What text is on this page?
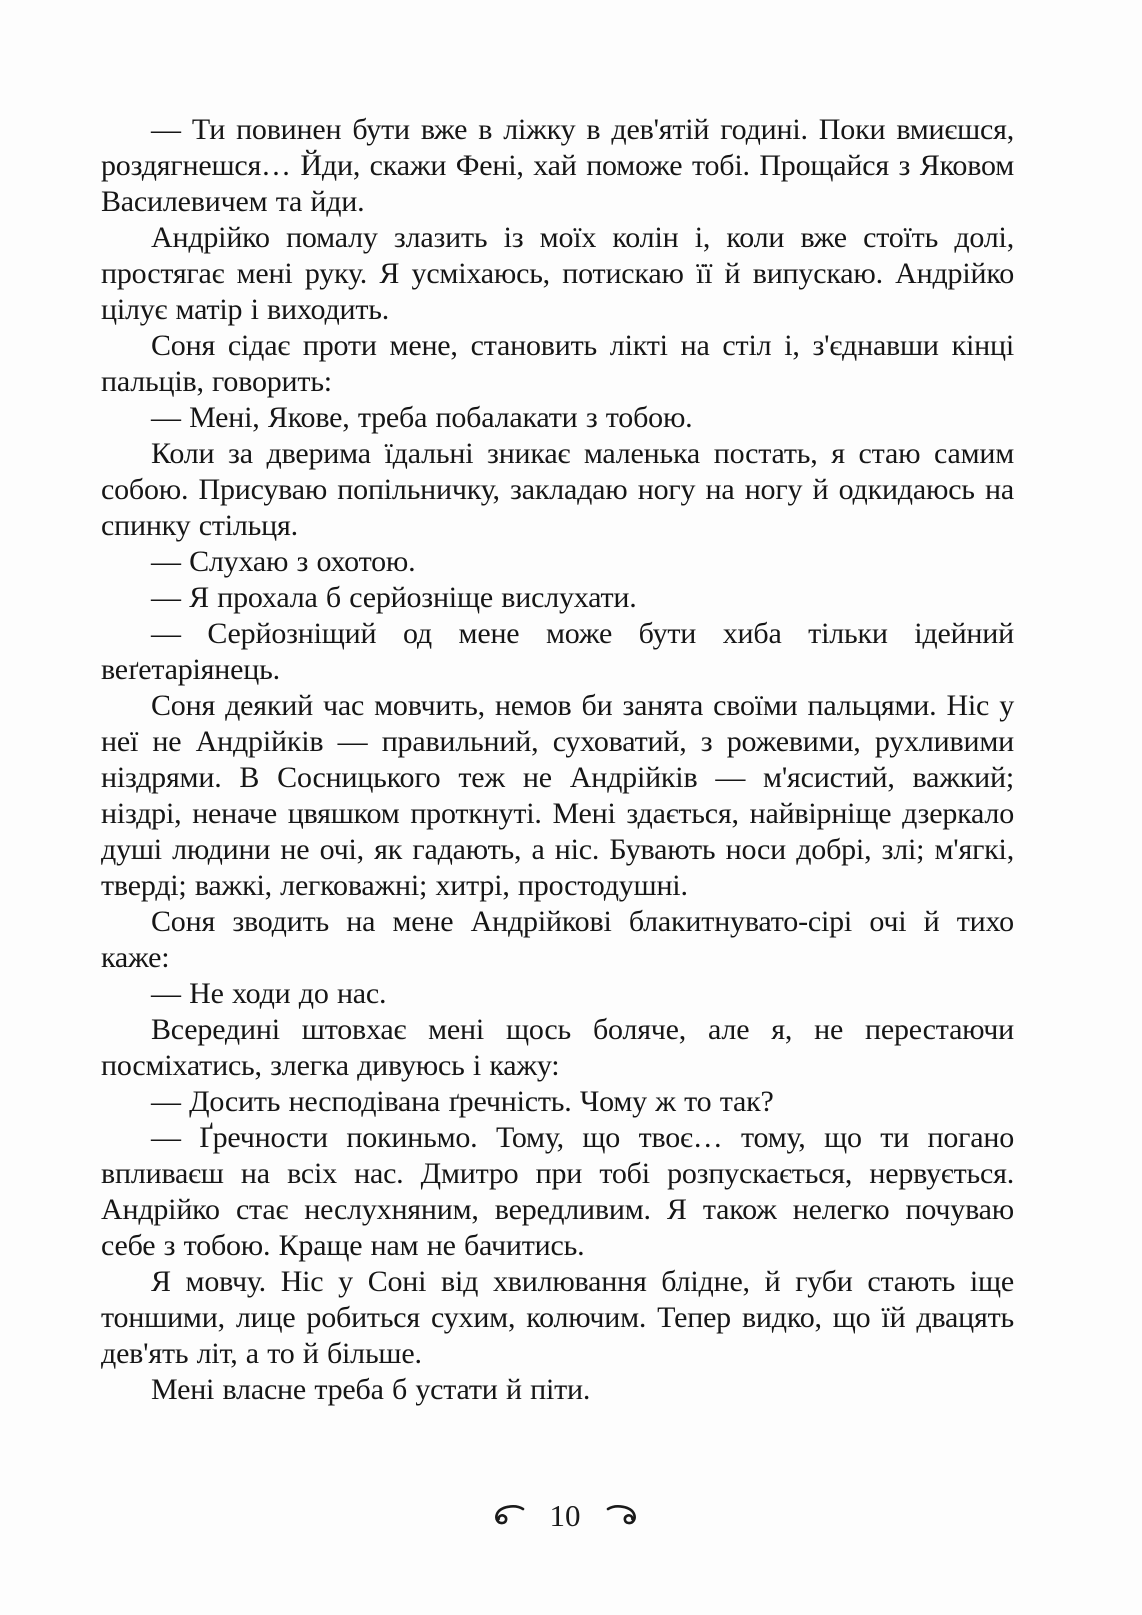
— Ти повинен бути вже в ліжку в дев'ятій годині. Поки вмиєшся, роздягнешся… Йди, скажи Фені, хай поможе тобі. Прощайся з Яковом Василевичем та йди.

Андрійко помалу злазить із моїх колін і, коли вже стоїть долі, простягає мені руку. Я усміхаюсь, потискаю її й випускаю. Андрійко цілує матір і виходить.

Соня сідає проти мене, становить лікті на стіл і, з'єднавши кінці пальців, говорить:

— Мені, Якове, треба побалакати з тобою.

Коли за дверима їдальні зникає маленька постать, я стаю самим собою. Присуваю попільничку, закладаю ногу на ногу й одкидаюсь на спинку стільця.

— Слухаю з охотою.

— Я прохала б серйозніще вислухати.

— Серйозніщий од мене може бути хиба тільки ідейний веґетаріянець.

Соня деякий час мовчить, немов би занята своїми пальцями. Ніс у неї не Андрійків — правильний, суховатий, з рожевими, рухливими ніздрями. В Сосницького теж не Андрійків — м'ясистий, важкий; ніздрі, неначе цвяшком проткнуті. Мені здається, найвірніще дзеркало душі людини не очі, як гадають, а ніс. Бувають носи добрі, злі; м'ягкі, тверді; важкі, легковажні; хитрі, простодушні.

Соня зводить на мене Андрійкові блакитнувато-сірі очі й тихо каже:

— Не ходи до нас.

Всередині штовхає мені щось боляче, але я, не перестаючи посміхатись, злегка дивуюсь і кажу:

— Досить несподівана ґречність. Чому ж то так?

— Ґречности покиньмо. Тому, що твоє… тому, що ти погано впливаєш на всіх нас. Дмитро при тобі розпускається, нервується. Андрійко стає неслухняним, вередливим. Я також нелегко почуваю себе з тобою. Краще нам не бачитись.

Я мовчу. Ніс у Соні від хвилювання блідне, й губи стають іще тоншими, лице робиться сухим, колючим. Тепер видко, що їй двацять дев'ять літ, а то й більше.

Мені власне треба б устати й піти.

10
